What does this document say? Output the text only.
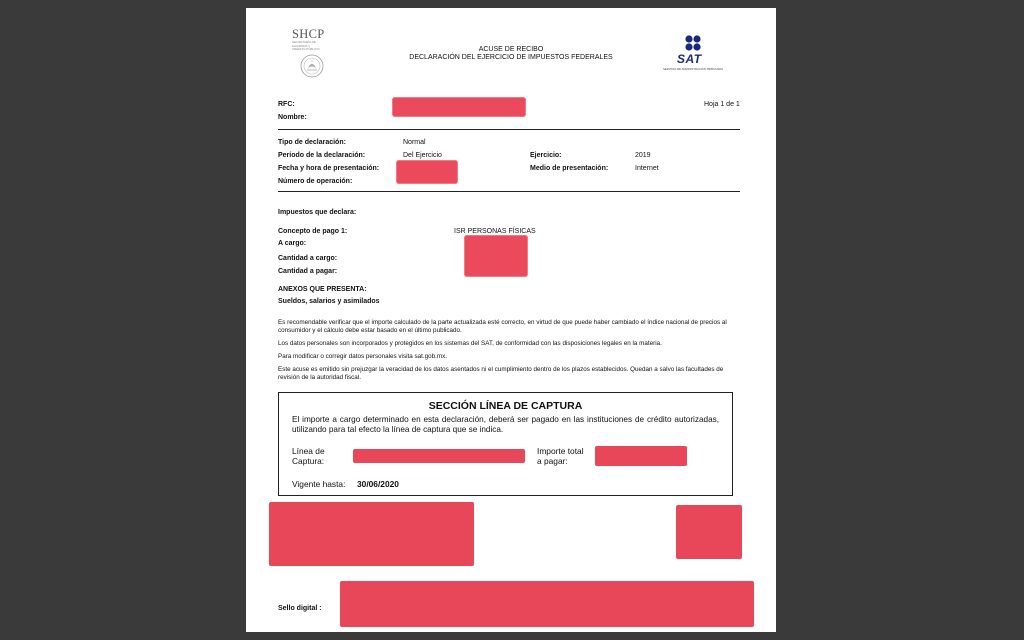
SHCP
SECRETARÍA DE HACIENDA Y CRÉDITO PÚBLICO
SAT
SERVICIO DE ADMINISTRACIÓN TRIBUTARIA
ACUSE DE RECIBO
DECLARACIÓN DEL EJERCICIO DE IMPUESTOS FEDERALES
RFC:
Nombre:
Hoja 1 de 1
Tipo de declaración:	Normal
Período de la declaración:	Del Ejercicio
Fecha y hora de presentación:
Número de operación:
Ejercicio:	2019
Medio de presentación:	Internet
Impuestos que declara:
Concepto de pago 1:	ISR PERSONAS FÍSICAS
A cargo:
Cantidad a cargo:
Cantidad a pagar:
ANEXOS QUE PRESENTA:
Sueldos, salarios y asimilados
Es recomendable verificar que el importe calculado de la parte actualizada esté correcto, en virtud de que puede haber cambiado el índice nacional de precios al consumidor y el cálculo debe estar basado en el último publicado.
Los datos personales son incorporados y protegidos en los sistemas del SAT, de conformidad con las disposiciones legales en la materia.
Para modificar o corregir datos personales visita sat.gob.mx.
Este acuse es emitido sin prejuzgar la veracidad de los datos asentados ni el cumplimiento dentro de los plazos establecidos. Quedan a salvo las facultades de revisión de la autoridad fiscal.
SECCIÓN LÍNEA DE CAPTURA
El importe a cargo determinado en esta declaración, deberá ser pagado en las instituciones de crédito autorizadas, utilizando para tal efecto la línea de captura que se indica.
Línea de
Captura:
Importe total
a pagar:
Vigente hasta: 30/06/2020
Sello digital :
